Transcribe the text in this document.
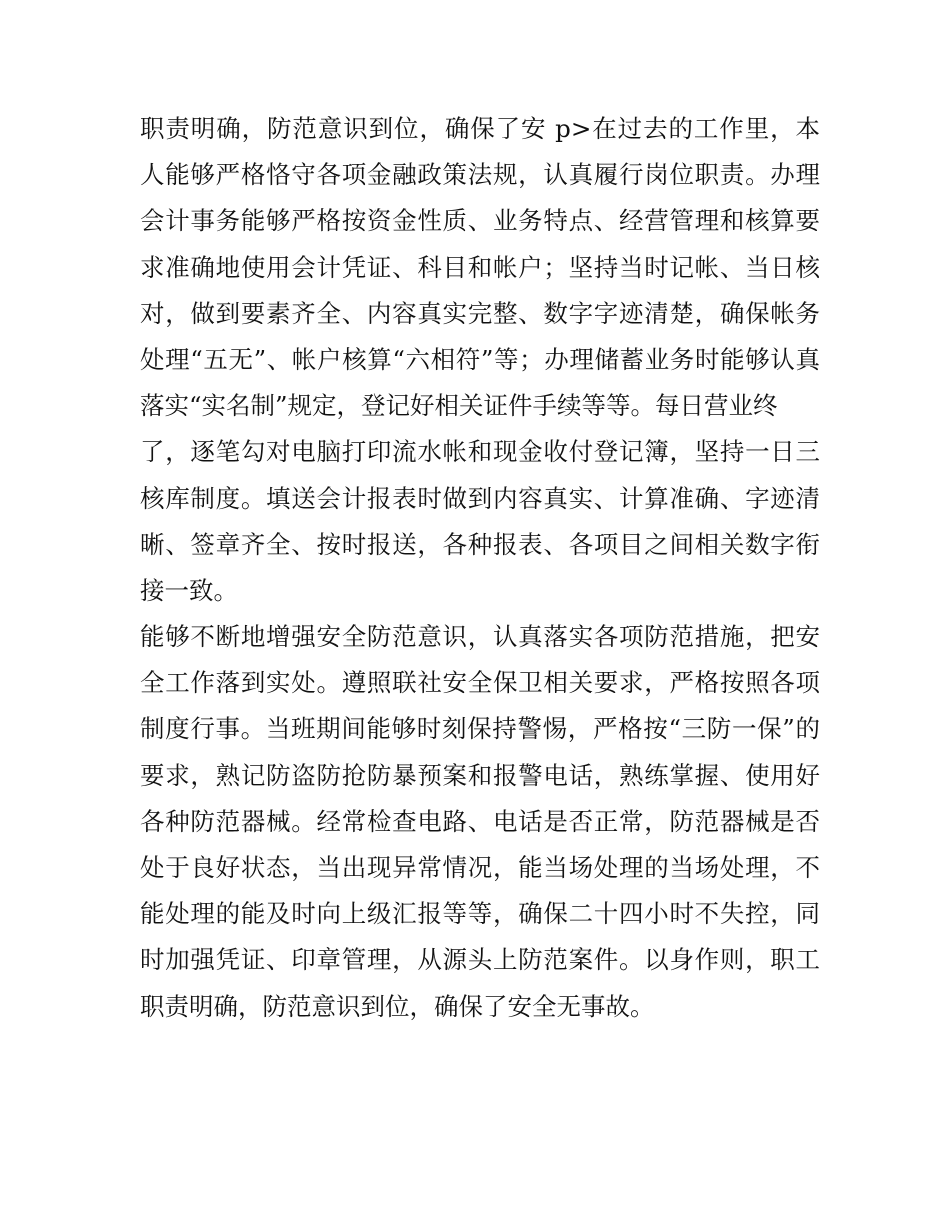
职责明确，防范意识到位，确保了安 p>在过去的工作里，本
人能够严格恪守各项金融政策法规，认真履行岗位职责。办理
会计事务能够严格按资金性质、业务特点、经营管理和核算要
求准确地使用会计凭证、科目和帐户；坚持当时记帐、当日核
对，做到要素齐全、内容真实完整、数字字迹清楚，确保帐务
处理“五无”、帐户核算“六相符”等；办理储蓄业务时能够认真
落实“实名制”规定，登记好相关证件手续等等。每日营业终
了，逐笔勾对电脑打印流水帐和现金收付登记簿，坚持一日三
核库制度。填送会计报表时做到内容真实、计算准确、字迹清
晰、签章齐全、按时报送，各种报表、各项目之间相关数字衔
接一致。
能够不断地增强安全防范意识，认真落实各项防范措施，把安
全工作落到实处。遵照联社安全保卫相关要求，严格按照各项
制度行事。当班期间能够时刻保持警惕，严格按“三防一保”的
要求，熟记防盗防抢防暴预案和报警电话，熟练掌握、使用好
各种防范器械。经常检查电路、电话是否正常，防范器械是否
处于良好状态，当出现异常情况，能当场处理的当场处理，不
能处理的能及时向上级汇报等等，确保二十四小时不失控，同
时加强凭证、印章管理，从源头上防范案件。以身作则，职工
职责明确，防范意识到位，确保了安全无事故。
